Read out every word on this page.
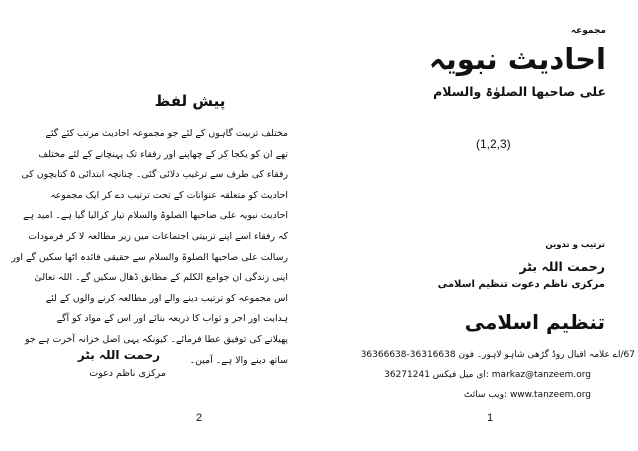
پیش لفظ
مختلف تربیت گاہوں کے لئے جو مجموعہ احادیث مرتب کئے گئے
تھے ان کو یکجا کر کے چھاپنے اور رفقاء تک پہنچانے کے لئے مختلف
رفقاء کی طرف سے ترغیب دلائی گئی۔ چنانچہ ابتدائی ۵ کتابچوں کی
احادیث کو متعلقہ عنوانات کے تحت ترتیب دے کر ایک مجموعہ
احادیث نبویہ علی صاحبھا الصلوۃ والسلام تیار کرالیا گیا ہے۔ امید ہے
کہ رفقاء اسے اپنے تربیتی اجتماعات میں زیر مطالعہ لا کر فرمودات
رسالت علی صاحبھا الصلوۃ والسلام سے حقیقی فائدہ اٹھا سکیں گے اور
اپنی زندگی ان جوامع الکلم کے مطابق ڈھال سکیں گے۔ اللہ تعالیٰ
اس مجموعہ کو ترتیب دینے والے اور مطالعہ کرنے والوں کے لئے
ہدایت اور اجر و ثواب کا ذریعہ بنائے اور اس کے مواد کو آگے
پھیلانے کی توفیق عطا فرمائے۔ کیونکہ یہی اصل خزانہ آخرت ہے جو
ساتھ دینے والا ہے۔ آمین۔
رحمت اللہ بٹر
مرکزی ناظم دعوت
2
مجموعہ
احادیث نبویہ
علی صاحبھا الصلوٰۃ والسلام
(1,2,3)
ترتیب و تدوین
رحمت اللہ بٹر
مرکزی ناظم دعوت تنظیم اسلامی
تنظیم اسلامی
67/اے علامہ اقبال روڈ گڑھی شاہو لاہور۔ فون 36316638-36366638
markaz@tanzeem.org :ای میل فیکس 36271241
www.tanzeem.org :ویب سائٹ
1
